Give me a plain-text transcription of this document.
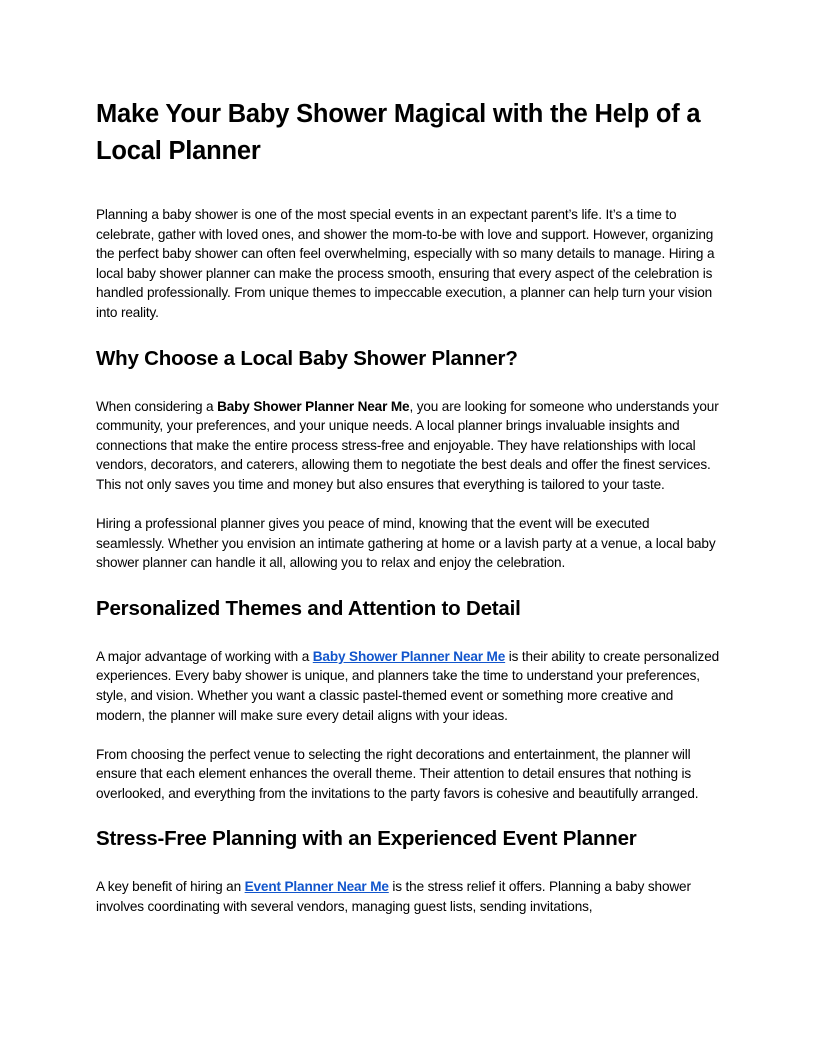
Make Your Baby Shower Magical with the Help of a Local Planner

Planning a baby shower is one of the most special events in an expectant parent’s life. It’s a time to celebrate, gather with loved ones, and shower the mom-to-be with love and support. However, organizing the perfect baby shower can often feel overwhelming, especially with so many details to manage. Hiring a local baby shower planner can make the process smooth, ensuring that every aspect of the celebration is handled professionally. From unique themes to impeccable execution, a planner can help turn your vision into reality.

Why Choose a Local Baby Shower Planner?

When considering a Baby Shower Planner Near Me, you are looking for someone who understands your community, your preferences, and your unique needs. A local planner brings invaluable insights and connections that make the entire process stress-free and enjoyable. They have relationships with local vendors, decorators, and caterers, allowing them to negotiate the best deals and offer the finest services. This not only saves you time and money but also ensures that everything is tailored to your taste.

Hiring a professional planner gives you peace of mind, knowing that the event will be executed seamlessly. Whether you envision an intimate gathering at home or a lavish party at a venue, a local baby shower planner can handle it all, allowing you to relax and enjoy the celebration.

Personalized Themes and Attention to Detail

A major advantage of working with a Baby Shower Planner Near Me is their ability to create personalized experiences. Every baby shower is unique, and planners take the time to understand your preferences, style, and vision. Whether you want a classic pastel-themed event or something more creative and modern, the planner will make sure every detail aligns with your ideas.

From choosing the perfect venue to selecting the right decorations and entertainment, the planner will ensure that each element enhances the overall theme. Their attention to detail ensures that nothing is overlooked, and everything from the invitations to the party favors is cohesive and beautifully arranged.

Stress-Free Planning with an Experienced Event Planner

A key benefit of hiring an Event Planner Near Me is the stress relief it offers. Planning a baby shower involves coordinating with several vendors, managing guest lists, sending invitations,
